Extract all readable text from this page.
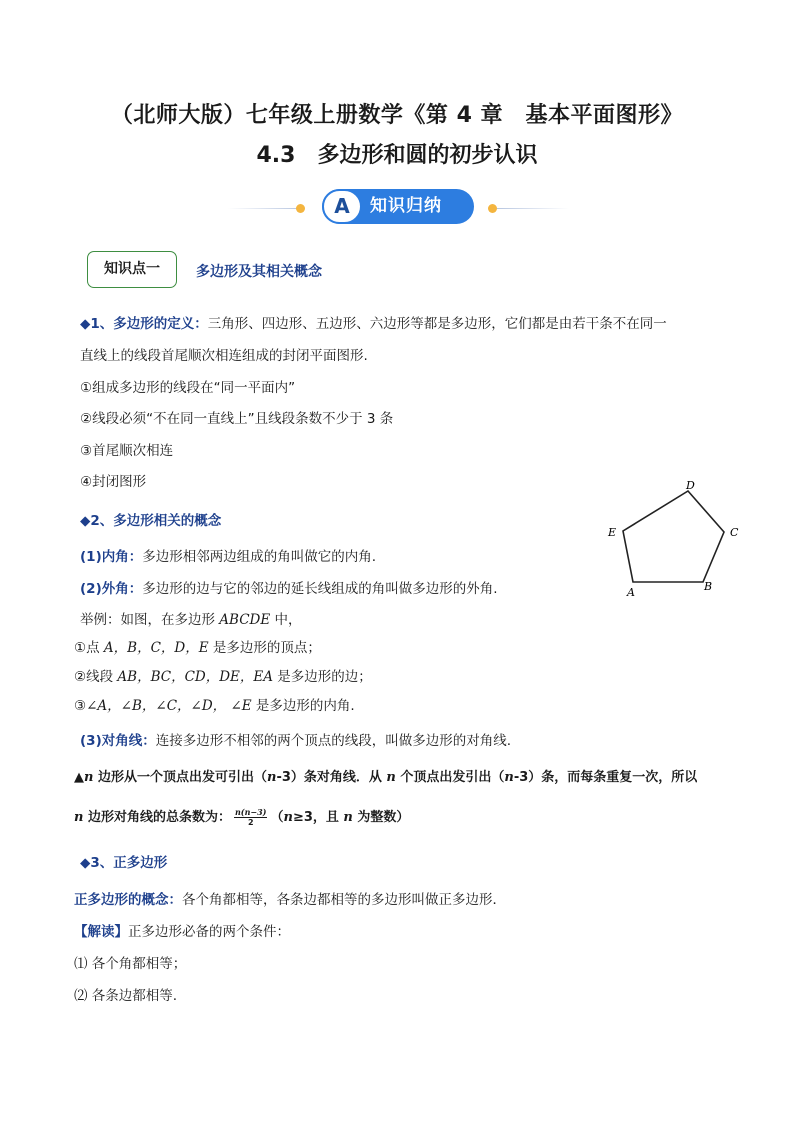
（北师大版）七年级上册数学《第 4 章　基本平面图形》
4.3　多边形和圆的初步认识
A	知识归纳
知识点一	多边形及其相关概念
◆1、多边形的定义：三角形、四边形、五边形、六边形等都是多边形，它们都是由若干条不在同一
直线上的线段首尾顺次相连组成的封闭平面图形.
①组成多边形的线段在“同一平面内”
②线段必须“不在同一直线上”且线段条数不少于 3 条
③首尾顺次相连
④封闭图形
◆2、多边形相关的概念
(1)内角：多边形相邻两边组成的角叫做它的内角.
(2)外角：多边形的边与它的邻边的延长线组成的角叫做多边形的外角.
举例：如图，在多边形 ABCDE 中，
①点 A，B，C，D，E 是多边形的顶点；
②线段 AB，BC，CD，DE，EA 是多边形的边；
③∠A，∠B，∠C，∠D， ∠E 是多边形的内角.
(3)对角线：连接多边形不相邻的两个顶点的线段，叫做多边形的对角线.
▲n 边形从一个顶点出发可引出（n-3）条对角线．从 n 个顶点出发引出（n-3）条，而每条重复一次，所以
n 边形对角线的总条数为： $\frac{n(n-3)}{2} (n\ge 3$，且 n 为整数）
◆3、正多边形
正多边形的概念：各个角都相等，各条边都相等的多边形叫做正多边形．
【解读】正多边形必备的两个条件：
⑴ 各个角都相等；
⑵ 各条边都相等.
A	B
C
D
E
